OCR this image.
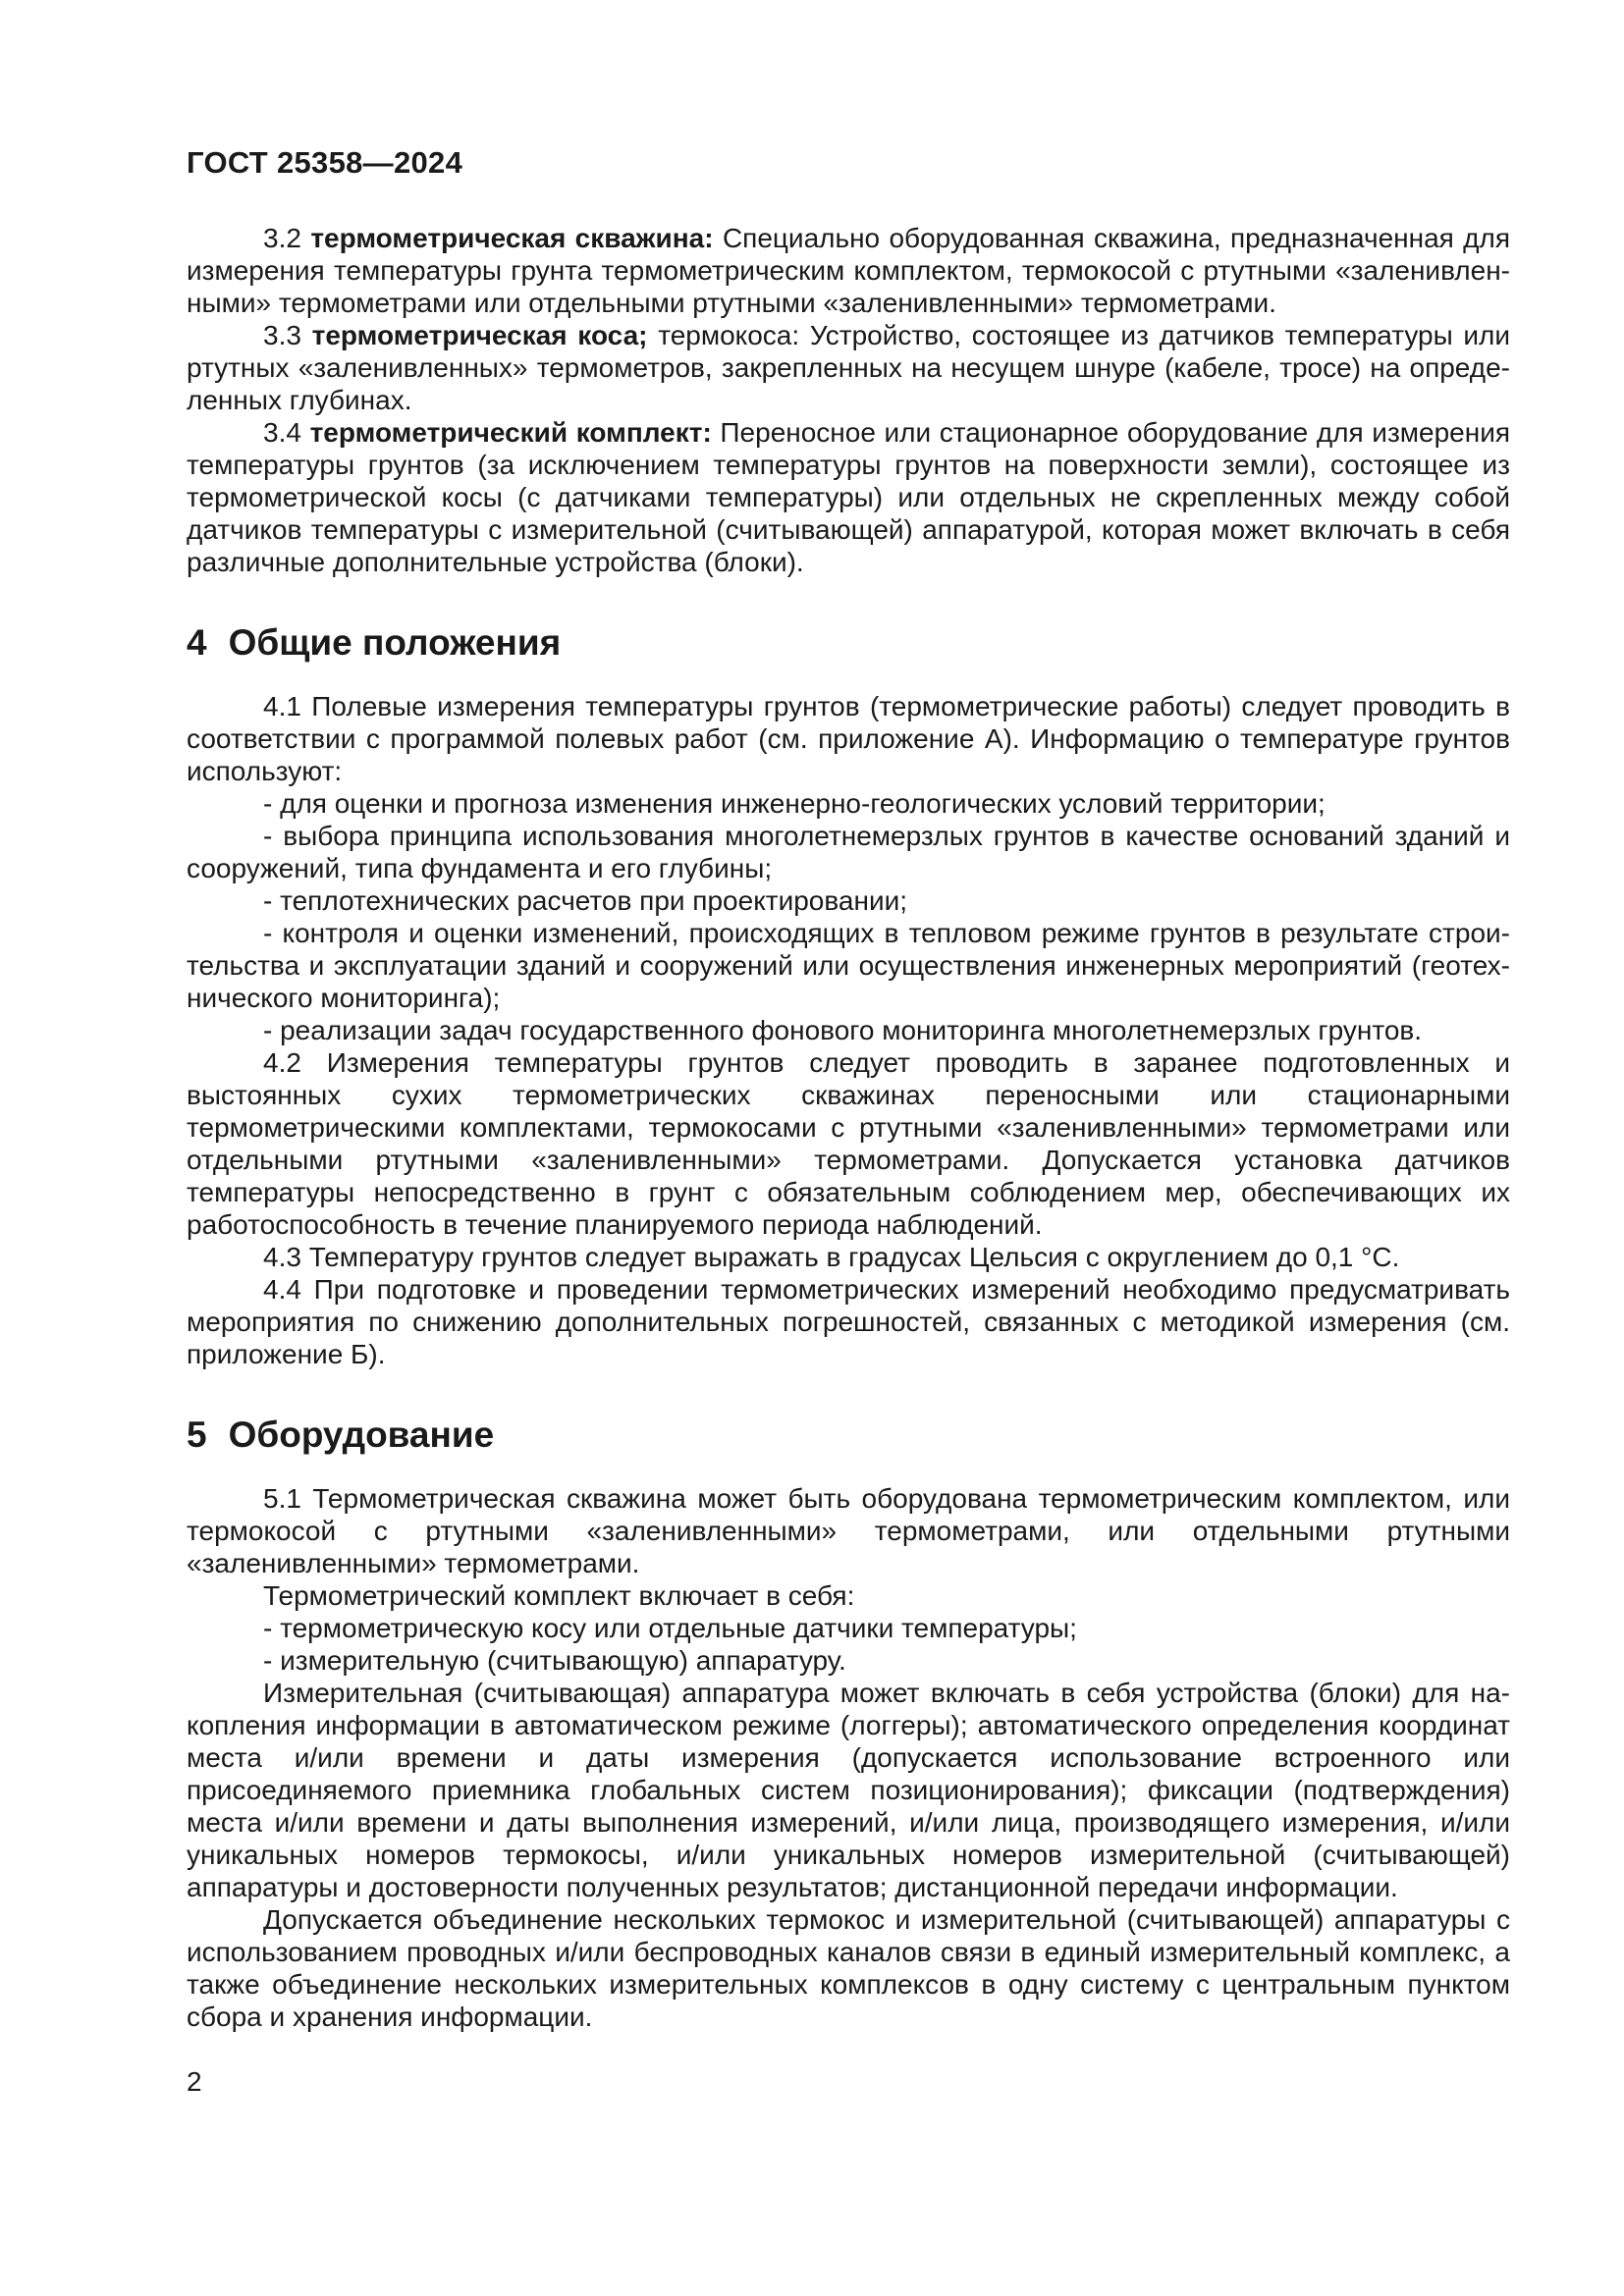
ГОСТ 25358—2024

3.2 термометрическая скважина: Специально оборудованная скважина, предназначенная для измерения температуры грунта термометрическим комплектом, термокосой с ртутными «заленивленными» термометрами или отдельными ртутными «заленивленными» термометрами.

3.3 термометрическая коса; термокоса: Устройство, состоящее из датчиков температуры или ртутных «заленивленных» термометров, закрепленных на несущем шнуре (кабеле, тросе) на определенных глубинах.

3.4 термометрический комплект: Переносное или стационарное оборудование для измерения температуры грунтов (за исключением температуры грунтов на поверхности земли), состоящее из термометрической косы (с датчиками температуры) или отдельных не скрепленных между собой датчиков температуры с измерительной (считывающей) аппаратурой, которая может включать в себя различные дополнительные устройства (блоки).

4 Общие положения

4.1 Полевые измерения температуры грунтов (термометрические работы) следует проводить в соответствии с программой полевых работ (см. приложение А). Информацию о температуре грунтов используют:

- для оценки и прогноза изменения инженерно-геологических условий территории;

- выбора принципа использования многолетнемерзлых грунтов в качестве оснований зданий и сооружений, типа фундамента и его глубины;

- теплотехнических расчетов при проектировании;

- контроля и оценки изменений, происходящих в тепловом режиме грунтов в результате строительства и эксплуатации зданий и сооружений или осуществления инженерных мероприятий (геотехнического мониторинга);

- реализации задач государственного фонового мониторинга многолетнемерзлых грунтов.

4.2 Измерения температуры грунтов следует проводить в заранее подготовленных и выстоянных сухих термометрических скважинах переносными или стационарными термометрическими комплектами, термокосами с ртутными «заленивленными» термометрами или отдельными ртутными «заленивленными» термометрами. Допускается установка датчиков температуры непосредственно в грунт с обязательным соблюдением мер, обеспечивающих их работоспособность в течение планируемого периода наблюдений.

4.3 Температуру грунтов следует выражать в градусах Цельсия с округлением до 0,1 °С.

4.4 При подготовке и проведении термометрических измерений необходимо предусматривать мероприятия по снижению дополнительных погрешностей, связанных с методикой измерения (см. приложение Б).

5 Оборудование

5.1 Термометрическая скважина может быть оборудована термометрическим комплектом, или термокосой с ртутными «заленивленными» термометрами, или отдельными ртутными «заленивленными» термометрами.

Термометрический комплект включает в себя:

- термометрическую косу или отдельные датчики температуры;

- измерительную (считывающую) аппаратуру.

Измерительная (считывающая) аппаратура может включать в себя устройства (блоки) для накопления информации в автоматическом режиме (логгеры); автоматического определения координат места и/или времени и даты измерения (допускается использование встроенного или присоединяемого приемника глобальных систем позиционирования); фиксации (подтверждения) места и/или времени и даты выполнения измерений, и/или лица, производящего измерения, и/или уникальных номеров термокосы, и/или уникальных номеров измерительной (считывающей) аппаратуры и достоверности полученных результатов; дистанционной передачи информации.

Допускается объединение нескольких термокос и измерительной (считывающей) аппаратуры с использованием проводных и/или беспроводных каналов связи в единый измерительный комплекс, а также объединение нескольких измерительных комплексов в одну систему с центральным пунктом сбора и хранения информации.

2
